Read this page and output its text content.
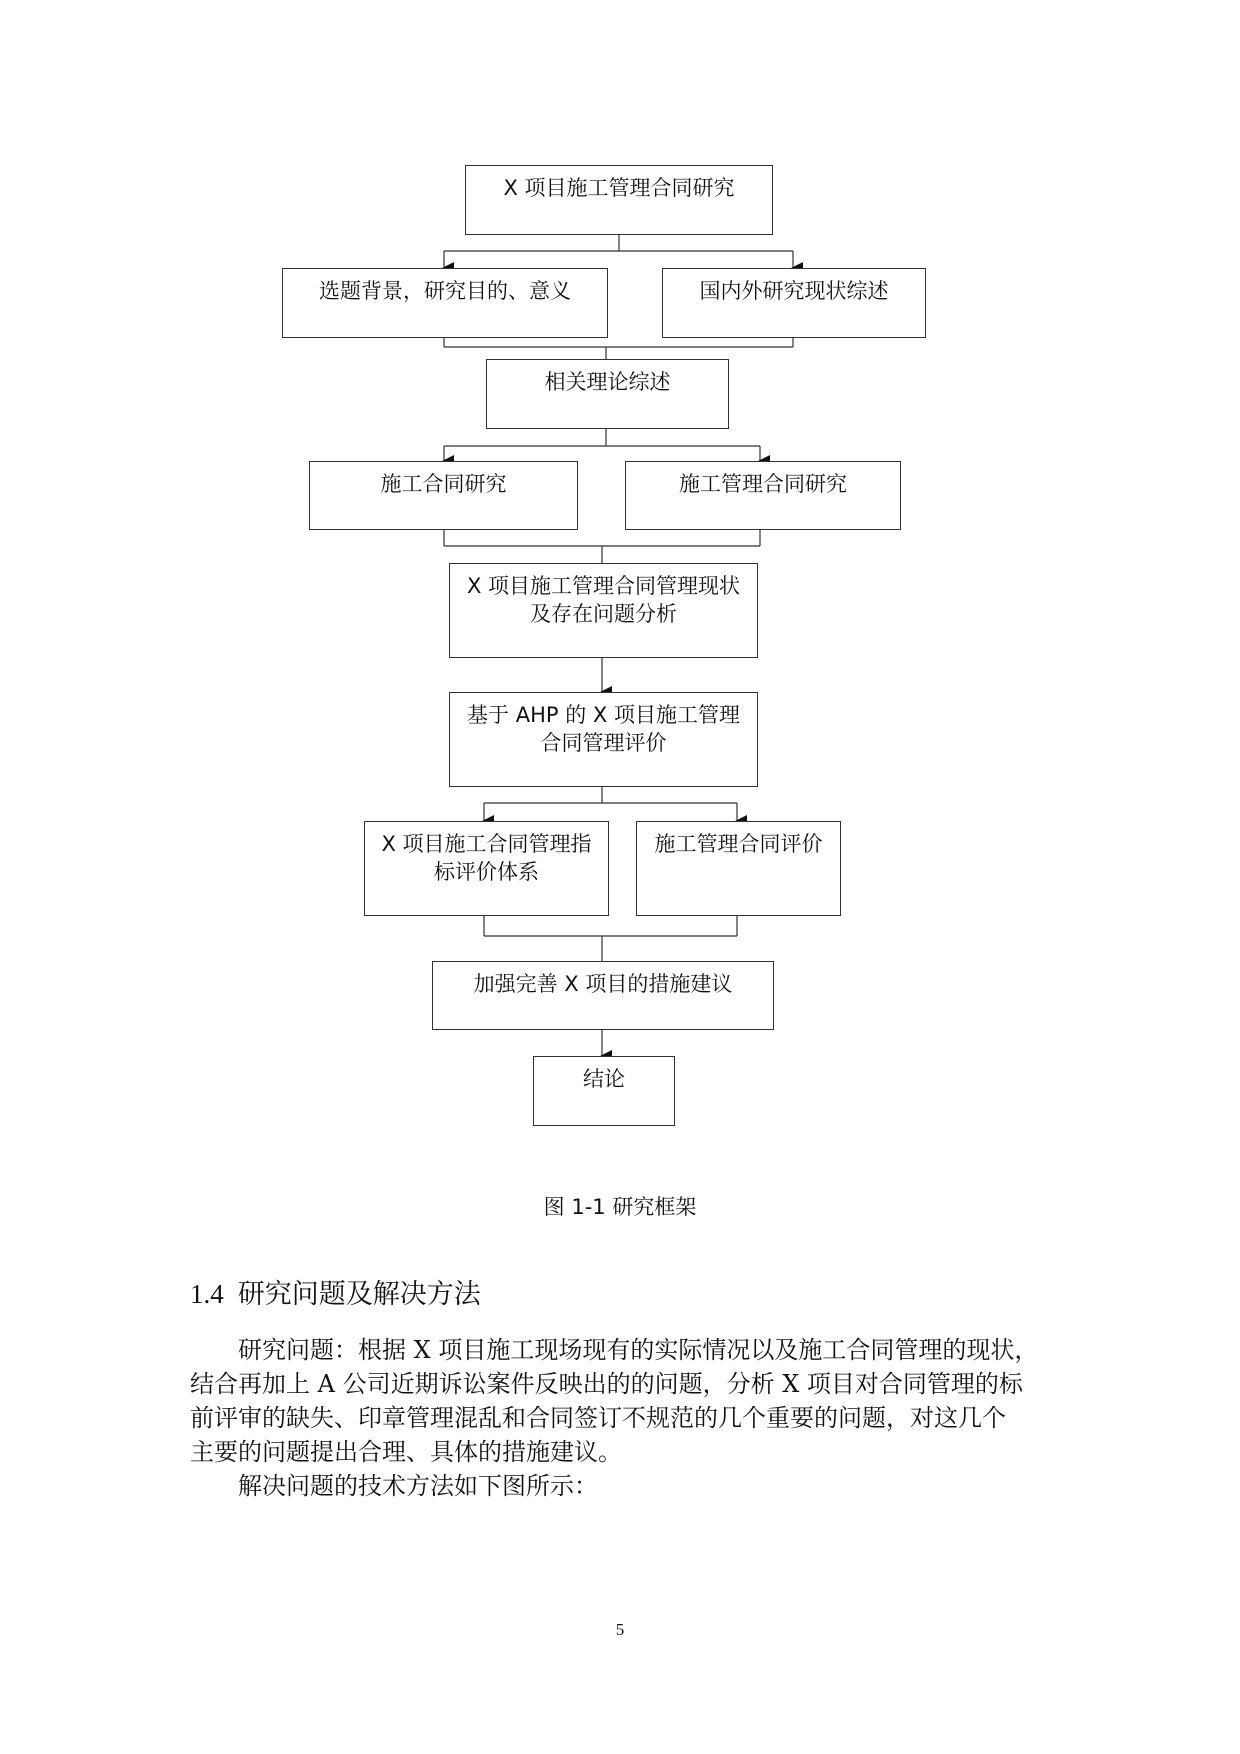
X 项目施工管理合同研究
选题背景，研究目的、意义	国内外研究现状综述
相关理论综述
施工合同研究	施工管理合同研究
X 项目施工管理合同管理现状
及存在问题分析
基于 AHP 的 X 项目施工管理
合同管理评价
X 项目施工合同管理指
标评价体系
施工管理合同评价
加强完善 X 项目的措施建议
结论
图 1-1 研究框架
1.4 研究问题及解决方法
研究问题：根据 X 项目施工现场现有的实际情况以及施工合同管理的现状，
结合再加上 A 公司近期诉讼案件反映出的的问题，分析 X 项目对合同管理的标
前评审的缺失、印章管理混乱和合同签订不规范的几个重要的问题，对这几个
主要的问题提出合理、具体的措施建议。
解决问题的技术方法如下图所示：
5
